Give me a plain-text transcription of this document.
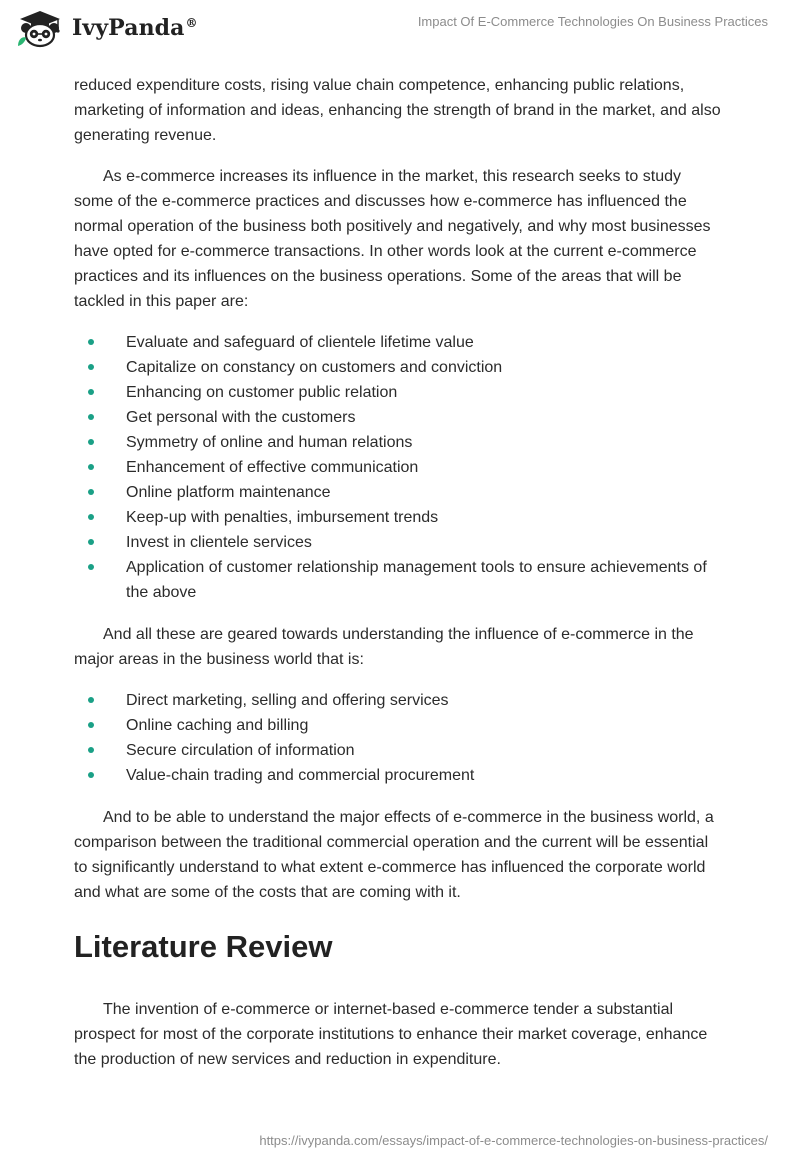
IvyPanda®	Impact Of E-Commerce Technologies On Business Practices

reduced expenditure costs, rising value chain competence, enhancing public relations, marketing of information and ideas, enhancing the strength of brand in the market, and also generating revenue.

As e-commerce increases its influence in the market, this research seeks to study some of the e-commerce practices and discusses how e-commerce has influenced the normal operation of the business both positively and negatively, and why most businesses have opted for e-commerce transactions. In other words look at the current e-commerce practices and its influences on the business operations. Some of the areas that will be tackled in this paper are:

Evaluate and safeguard of clientele lifetime value
Capitalize on constancy on customers and conviction
Enhancing on customer public relation
Get personal with the customers
Symmetry of online and human relations
Enhancement of effective communication
Online platform maintenance
Keep-up with penalties, imbursement trends
Invest in clientele services
Application of customer relationship management tools to ensure achievements of the above

And all these are geared towards understanding the influence of e-commerce in the major areas in the business world that is:

Direct marketing, selling and offering services
Online caching and billing
Secure circulation of information
Value-chain trading and commercial procurement

And to be able to understand the major effects of e-commerce in the business world, a comparison between the traditional commercial operation and the current will be essential to significantly understand to what extent e-commerce has influenced the corporate world and what are some of the costs that are coming with it.

Literature Review

The invention of e-commerce or internet-based e-commerce tender a substantial prospect for most of the corporate institutions to enhance their market coverage, enhance the production of new services and reduction in expenditure.

https://ivypanda.com/essays/impact-of-e-commerce-technologies-on-business-practices/
